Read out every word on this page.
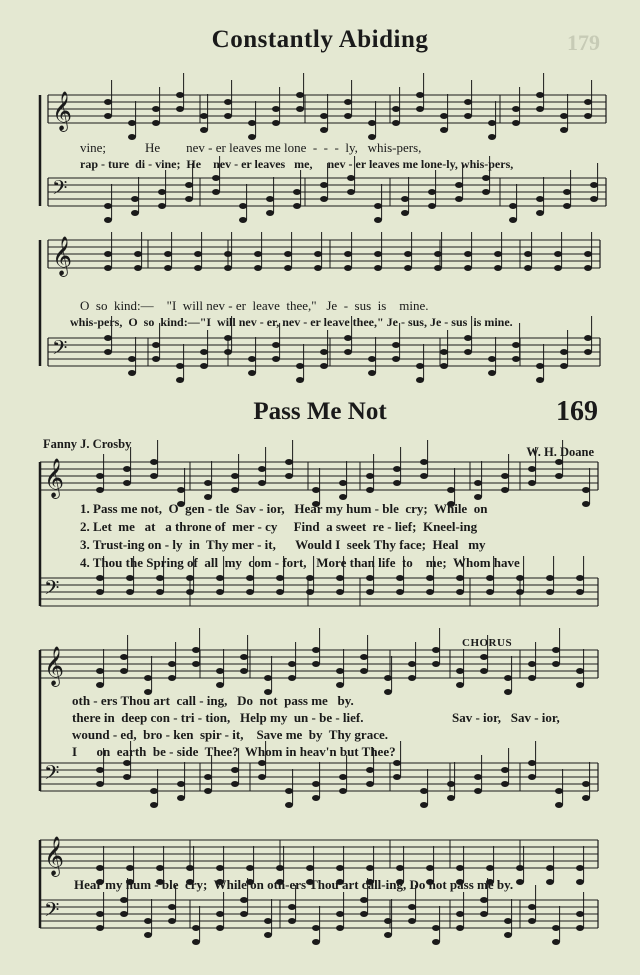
𝄞
𝄢
𝄞
𝄢
𝄞
𝄢
𝄞
𝄢
𝄞
𝄢
Constantly Abiding	179
vine;            He        nev - er leaves me lone  -  -  -  ly,   whis-pers,
rap - ture  di - vine;  He    nev - er leaves   me,     nev - er leaves me lone-ly, whis-pers,
O  so  kind:—    "I  will nev - er  leave  thee,"   Je  -  sus  is    mine.
whis-pers,  O  so  kind:—"I  will nev - er, nev - er leave thee," Je - sus, Je - sus  is mine.
Pass Me Not	169
Fanny J. Crosby
W. H. Doane
1. Pass me not,  O  gen - tle  Sav - ior,   Hear my hum - ble  cry;  While  on
2. Let  me   at   a throne of  mer - cy     Find  a sweet  re - lief;  Kneel-ing
3. Trust-ing on - ly  in  Thy mer - it,      Would I  seek Thy face;  Heal   my
4. Thou the Spring of  all  my  com - fort,   More than life  to    me;  Whom have
CHORUS
oth - ers Thou art  call - ing,   Do  not  pass me   by.
there in  deep con - tri - tion,   Help my  un - be - lief.
wound - ed,  bro - ken  spir - it,    Save me  by  Thy grace.
I      on  earth  be - side  Thee?  Whom in heav'n but Thee?
Sav - ior,   Sav - ior,
Hear my hum - ble  cry;  While on oth-ers Thou art call-ing, Do not pass me by.
